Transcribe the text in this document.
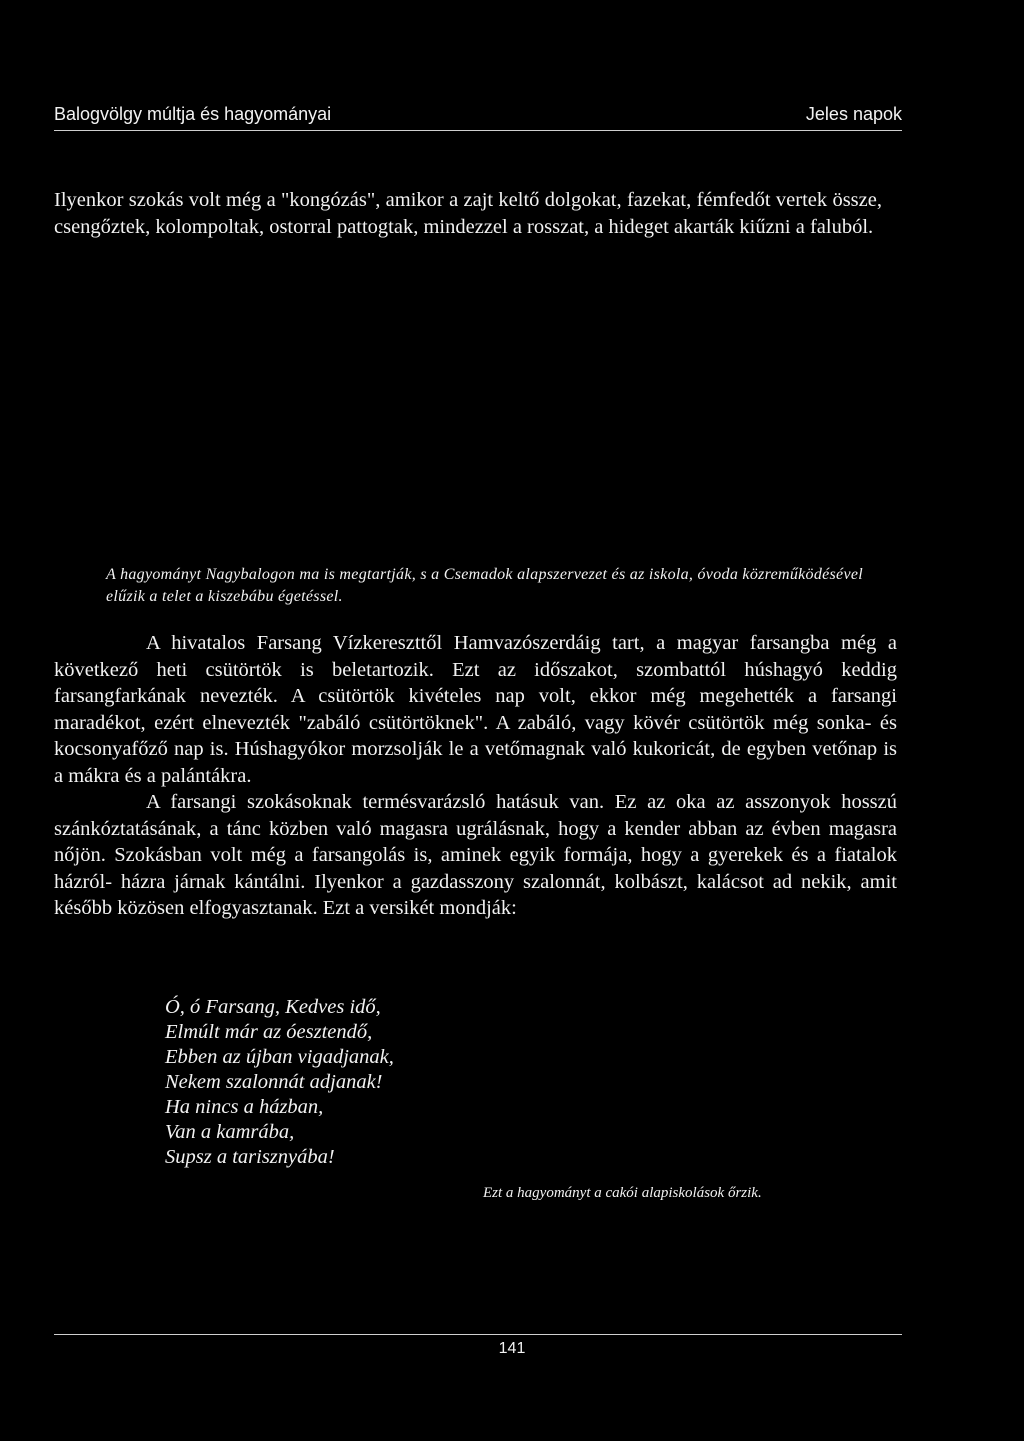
Balogvölgy múltja és hagyományai	Jeles napok

Ilyenkor szokás volt még a "kongózás", amikor a zajt keltő dolgokat, fazekat, fémfedőt vertek össze, csengőztek, kolompoltak, ostorral pattogtak, mindezzel a rosszat, a hideget akarták kiűzni a faluból.

A hagyományt Nagybalogon ma is megtartják, s a Csemadok alapszervezet és az iskola, óvoda közreműködésével elűzik a telet a kiszebábu égetéssel.

A hivatalos Farsang Vízkereszttől Hamvazószerdáig tart, a magyar farsangba még a következő heti csütörtök is beletartozik. Ezt az időszakot, szombattól húshagyó keddig farsangfarkának nevezték. A csütörtök kivételes nap volt, ekkor még megehették a farsangi maradékot, ezért elnevezték "zabáló csütörtöknek". A zabáló, vagy kövér csütörtök még sonka- és kocsonyafőző nap is. Húshagyókor morzsolják le a vetőmagnak való kukoricát, de egyben vetőnap is a mákra és a palántákra.

A farsangi szokásoknak termésvarázsló hatásuk van. Ez az oka az asszonyok hosszú szánkóztatásának, a tánc közben való magasra ugrálásnak, hogy a kender abban az évben magasra nőjön. Szokásban volt még a farsangolás is, aminek egyik formája, hogy a gyerekek és a fiatalok házról- házra járnak kántálni. Ilyenkor a gazdasszony szalonnát, kolbászt, kalácsot ad nekik, amit később közösen elfogyasztanak. Ezt a versikét mondják:

Ó, ó Farsang, Kedves idő,
Elmúlt már az óesztendő,
Ebben az újban vigadjanak,
Nekem szalonnát adjanak!
Ha nincs a házban,
Van a kamrába,
Supsz a tarisznyába!
Ezt a hagyományt a cakói alapiskolások őrzik.
141
